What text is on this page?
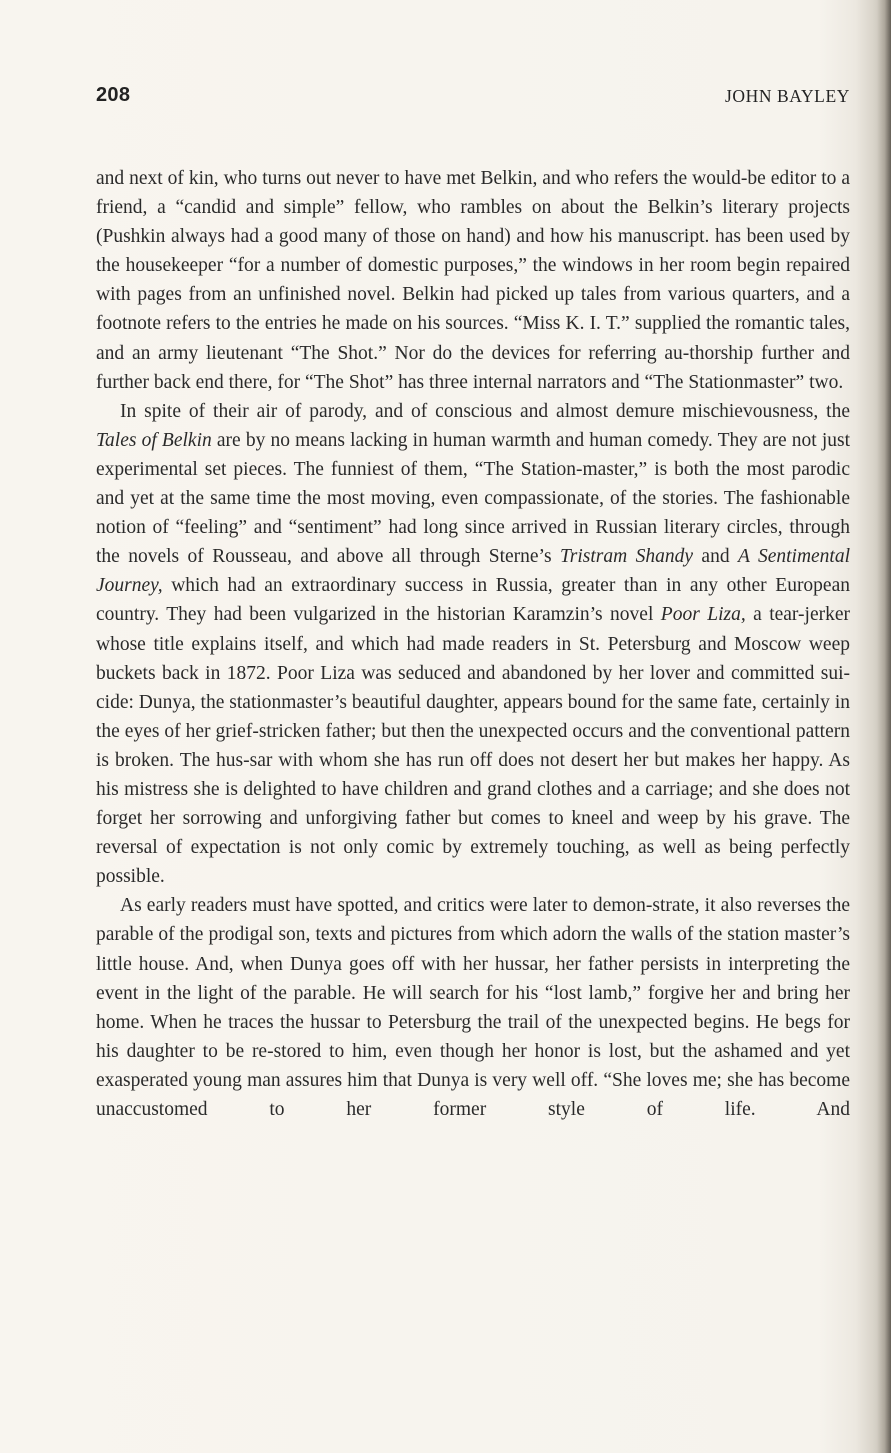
208	JOHN BAYLEY

and next of kin, who turns out never to have met Belkin, and who refers the would-be editor to a friend, a “candid and simple” fellow, who rambles on about the Belkin’s literary projects (Pushkin always had a good many of those on hand) and how his manuscript. has been used by the housekeeper “for a number of domestic purposes,” the windows in her room begin repaired with pages from an unfinished novel. Belkin had picked up tales from various quarters, and a footnote refers to the entries he made on his sources. “Miss K. I. T.” supplied the romantic tales, and an army lieutenant “The Shot.” Nor do the devices for referring au-thorship further and further back end there, for “The Shot” has three internal narrators and “The Stationmaster” two.

In spite of their air of parody, and of conscious and almost demure mischievousness, the Tales of Belkin are by no means lacking in human warmth and human comedy. They are not just experimental set pieces. The funniest of them, “The Station-master,” is both the most parodic and yet at the same time the most moving, even compassionate, of the stories. The fashionable notion of “feeling” and “sentiment” had long since arrived in Russian literary circles, through the novels of Rousseau, and above all through Sterne’s Tristram Shandy and A Sentimental Journey, which had an extraordinary success in Russia, greater than in any other European country. They had been vulgarized in the historian Karamzin’s novel Poor Liza, a tear-jerker whose title explains itself, and which had made readers in St. Petersburg and Moscow weep buckets back in 1872. Poor Liza was seduced and abandoned by her lover and committed sui-cide: Dunya, the stationmaster’s beautiful daughter, appears bound for the same fate, certainly in the eyes of her grief-stricken father; but then the unexpected occurs and the conventional pattern is broken. The hus-sar with whom she has run off does not desert her but makes her happy. As his mistress she is delighted to have children and grand clothes and a carriage; and she does not forget her sorrowing and unforgiving father but comes to kneel and weep by his grave. The reversal of expectation is not only comic by extremely touching, as well as being perfectly possible.

As early readers must have spotted, and critics were later to demon-strate, it also reverses the parable of the prodigal son, texts and pictures from which adorn the walls of the station master’s little house. And, when Dunya goes off with her hussar, her father persists in interpreting the event in the light of the parable. He will search for his “lost lamb,” forgive her and bring her home. When he traces the hussar to Petersburg the trail of the unexpected begins. He begs for his daughter to be re-stored to him, even though her honor is lost, but the ashamed and yet exasperated young man assures him that Dunya is very well off. “She loves me; she has become unaccustomed to her former style of life. And
